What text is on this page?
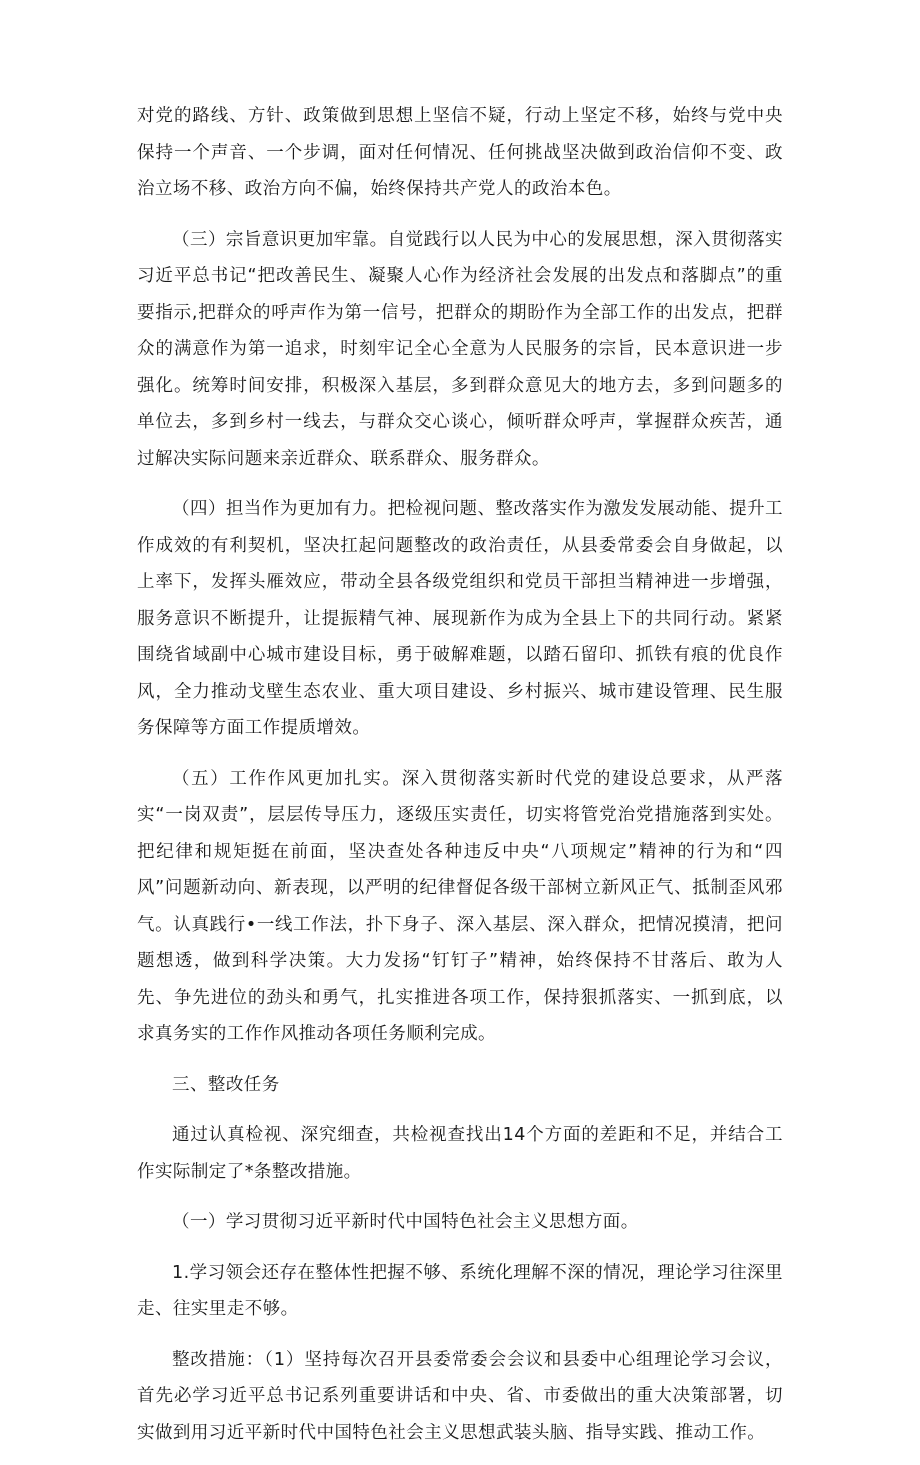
对党的路线、方针、政策做到思想上坚信不疑，行动上坚定不移，始终与党中央保持一个声音、一个步调，面对任何情况、任何挑战坚决做到政治信仰不变、政治立场不移、政治方向不偏，始终保持共产党人的政治本色。

（三）宗旨意识更加牢靠。自觉践行以人民为中心的发展思想，深入贯彻落实习近平总书记“把改善民生、凝聚人心作为经济社会发展的出发点和落脚点”的重要指示,把群众的呼声作为第一信号，把群众的期盼作为全部工作的出发点，把群众的满意作为第一追求，时刻牢记全心全意为人民服务的宗旨，民本意识进一步强化。统筹时间安排，积极深入基层，多到群众意见大的地方去，多到问题多的单位去，多到乡村一线去，与群众交心谈心，倾听群众呼声，掌握群众疾苦，通过解决实际问题来亲近群众、联系群众、服务群众。

（四）担当作为更加有力。把检视问题、整改落实作为激发发展动能、提升工作成效的有利契机，坚决扛起问题整改的政治责任，从县委常委会自身做起，以上率下，发挥头雁效应，带动全县各级党组织和党员干部担当精神进一步增强，服务意识不断提升，让提振精气神、展现新作为成为全县上下的共同行动。紧紧围绕省域副中心城市建设目标，勇于破解难题，以踏石留印、抓铁有痕的优良作风，全力推动戈壁生态农业、重大项目建设、乡村振兴、城市建设管理、民生服务保障等方面工作提质增效。

（五）工作作风更加扎实。深入贯彻落实新时代党的建设总要求，从严落实“一岗双责”，层层传导压力，逐级压实责任，切实将管党治党措施落到实处。把纪律和规矩挺在前面，坚决查处各种违反中央“八项规定”精神的行为和“四风”问题新动向、新表现，以严明的纪律督促各级干部树立新风正气、抵制歪风邪气。认真践行•一线工作法，扑下身子、深入基层、深入群众，把情况摸清，把问题想透，做到科学决策。大力发扬“钉钉子”精神，始终保持不甘落后、敢为人先、争先进位的劲头和勇气，扎实推进各项工作，保持狠抓落实、一抓到底，以求真务实的工作作风推动各项任务顺利完成。

三、整改任务

通过认真检视、深究细查，共检视查找出14个方面的差距和不足，并结合工作实际制定了*条整改措施。

（一）学习贯彻习近平新时代中国特色社会主义思想方面。

1.学习领会还存在整体性把握不够、系统化理解不深的情况，理论学习往深里走、往实里走不够。

整改措施：（1）坚持每次召开县委常委会会议和县委中心组理论学习会议，首先必学习近平总书记系列重要讲话和中央、省、市委做出的重大决策部署，切实做到用习近平新时代中国特色社会主义思想武装头脑、指导实践、推动工作。
